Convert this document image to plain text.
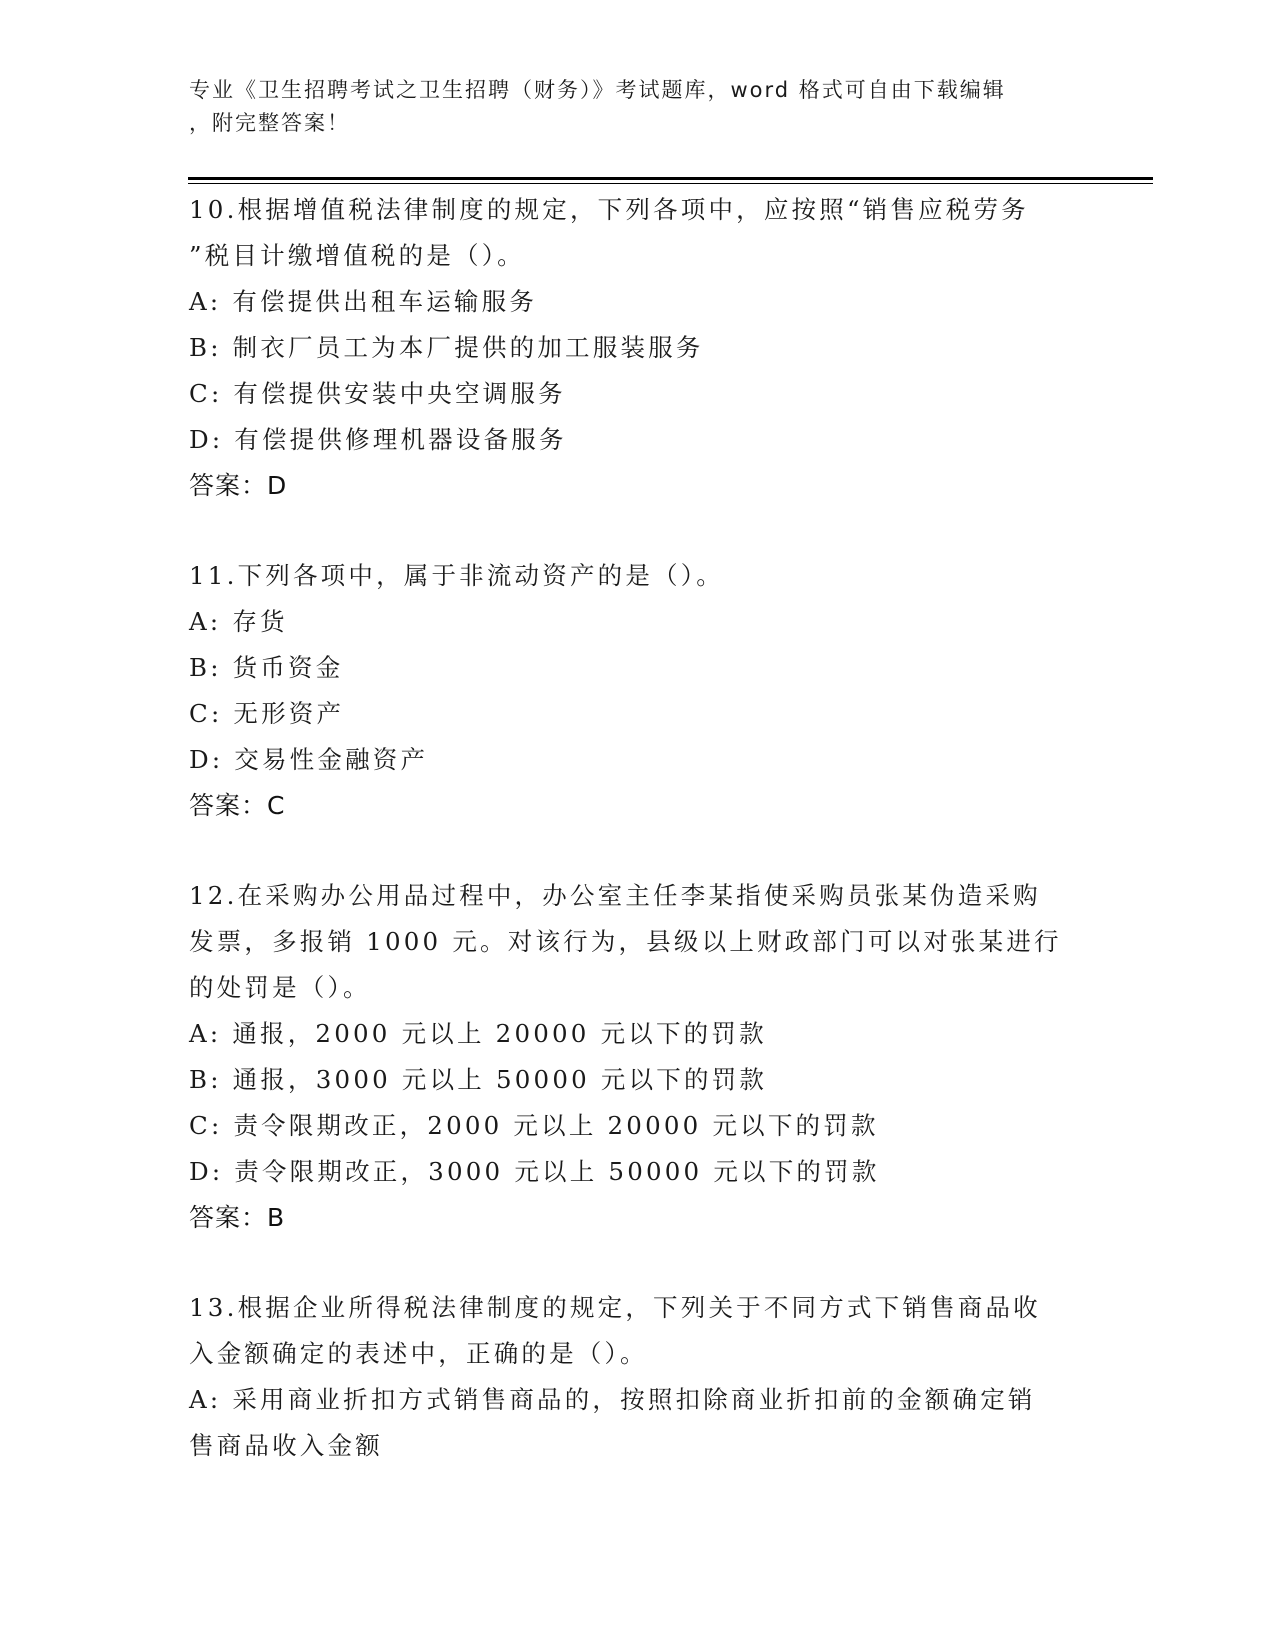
专业《卫生招聘考试之卫生招聘（财务）》考试题库，word 格式可自由下载编辑
，附完整答案！
10.根据增值税法律制度的规定，下列各项中，应按照“销售应税劳务
”税目计缴增值税的是（）。
A: 有偿提供出租车运输服务
B: 制衣厂员工为本厂提供的加工服装服务
C: 有偿提供安装中央空调服务
D: 有偿提供修理机器设备服务
答案：D
11.下列各项中，属于非流动资产的是（）。
A: 存货
B: 货币资金
C: 无形资产
D: 交易性金融资产
答案：C
12.在采购办公用品过程中，办公室主任李某指使采购员张某伪造采购
发票，多报销 1000 元。对该行为，县级以上财政部门可以对张某进行
的处罚是（）。
A: 通报，2000 元以上 20000 元以下的罚款
B: 通报，3000 元以上 50000 元以下的罚款
C: 责令限期改正，2000 元以上 20000 元以下的罚款
D: 责令限期改正，3000 元以上 50000 元以下的罚款
答案：B
13.根据企业所得税法律制度的规定，下列关于不同方式下销售商品收
入金额确定的表述中，正确的是（）。
A: 采用商业折扣方式销售商品的，按照扣除商业折扣前的金额确定销
售商品收入金额
